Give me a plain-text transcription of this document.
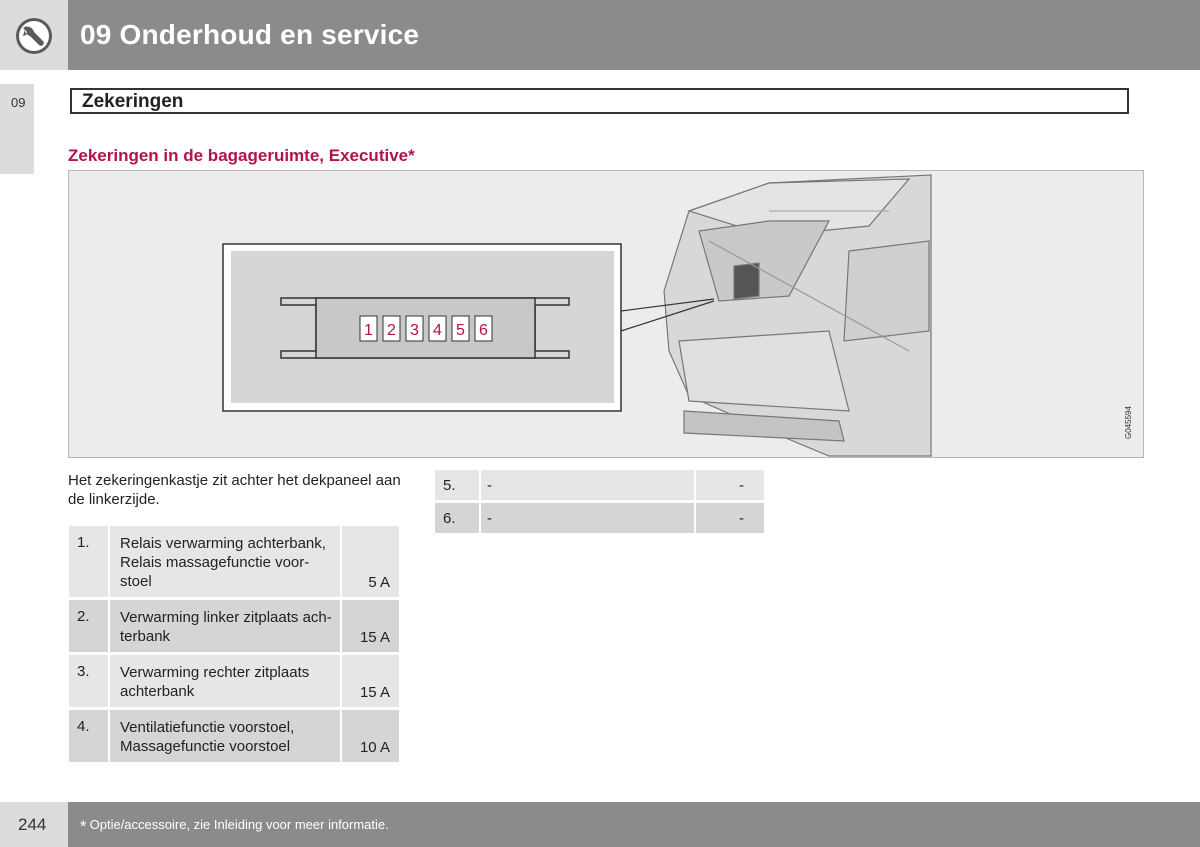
09 Onderhoud en service
09	Zekeringen
Zekeringen in de bagageruimte, Executive*
1 2 3 4 5 6
G045594
Het zekeringenkastje zit achter het dekpaneel aan de linkerzijde.
1.	Relais verwarming achterbank, Relais massagefunctie voor-stoel	5 A
2.	Verwarming linker zitplaats ach-terbank	15 A
3.	Verwarming rechter zitplaats achterbank	15 A
4.	Ventilatiefunctie voorstoel, Massagefunctie voorstoel	10 A
5.	-	-
6.	-	-
244 * Optie/accessoire, zie Inleiding voor meer informatie.
